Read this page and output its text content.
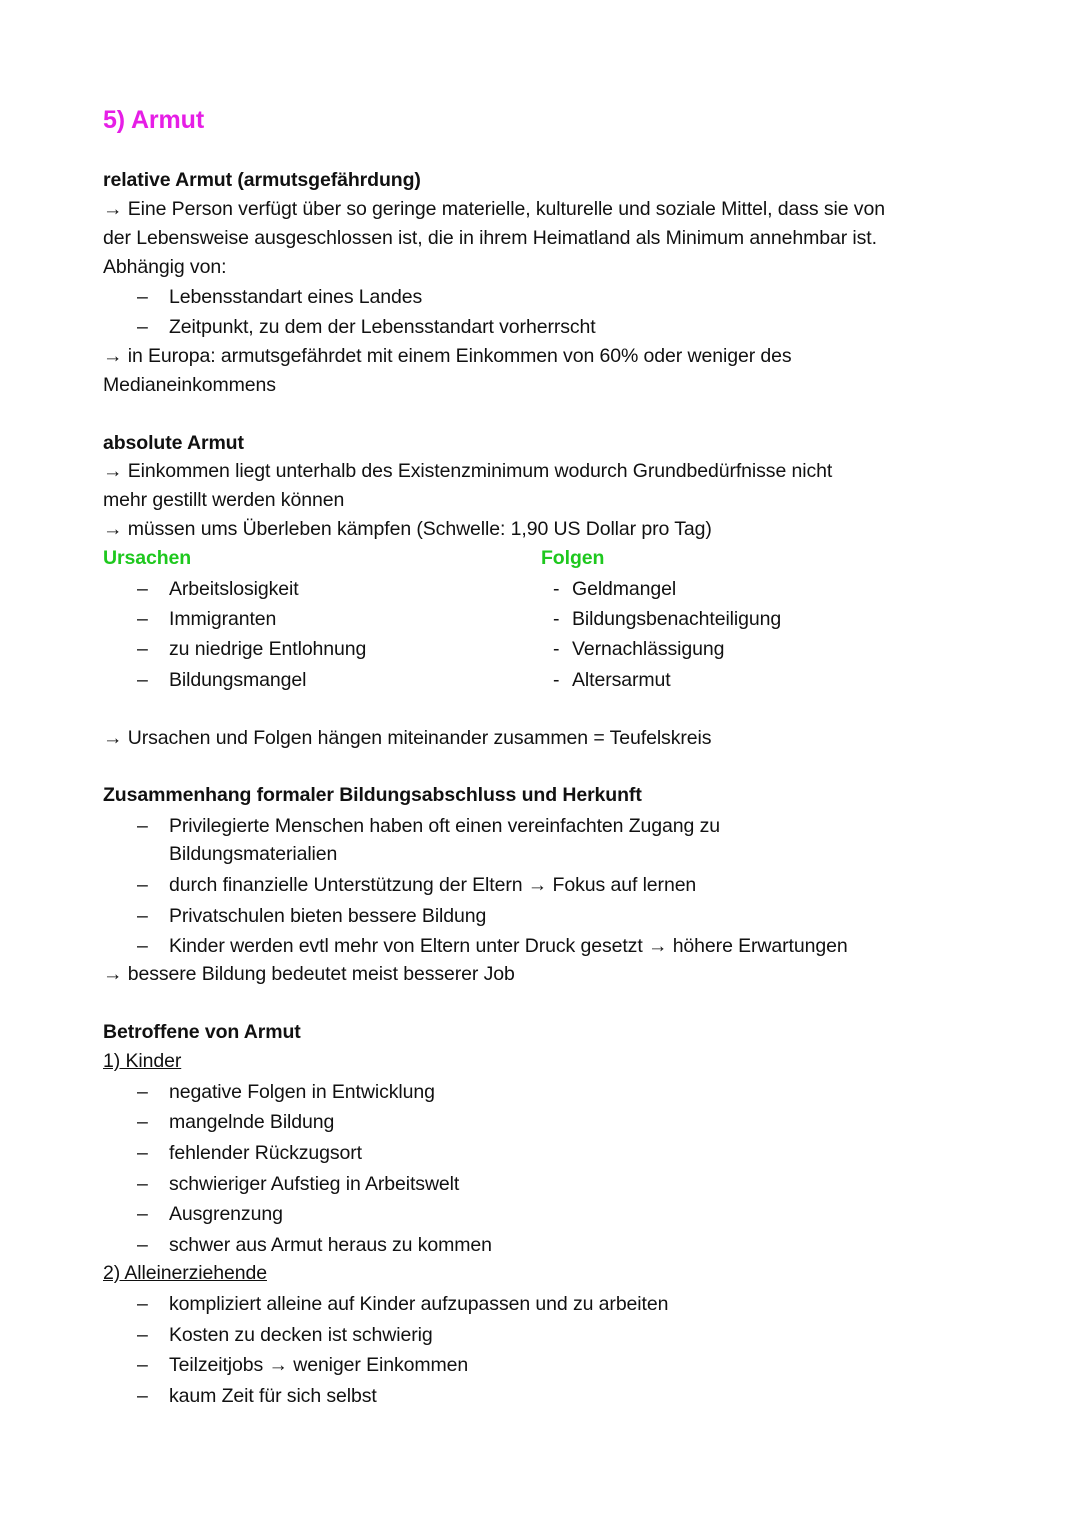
5) Armut
relative Armut (armutsgefährdung)
→ Eine Person verfügt über so geringe materielle, kulturelle und soziale Mittel, dass sie von
der Lebensweise ausgeschlossen ist, die in ihrem Heimatland als Minimum annehmbar ist.
Abhängig von:
– Lebensstandart eines Landes
– Zeitpunkt, zu dem der Lebensstandart vorherrscht
→ in Europa: armutsgefährdet mit einem Einkommen von 60% oder weniger des
Medianeinkommens
absolute Armut
→ Einkommen liegt unterhalb des Existenzminimum wodurch Grundbedürfnisse nicht
mehr gestillt werden können
→ müssen ums Überleben kämpfen (Schwelle: 1,90 US Dollar pro Tag)
Ursachen	Folgen
– Arbeitslosigkeit
– Immigranten
– zu niedrige Entlohnung
– Bildungsmangel
- Geldmangel
- Bildungsbenachteiligung
- Vernachlässigung
- Altersarmut
→ Ursachen und Folgen hängen miteinander zusammen = Teufelskreis
Zusammenhang formaler Bildungsabschluss und Herkunft
– Privilegierte Menschen haben oft einen vereinfachten Zugang zu
Bildungsmaterialien
– durch finanzielle Unterstützung der Eltern → Fokus auf lernen
– Privatschulen bieten bessere Bildung
– Kinder werden evtl mehr von Eltern unter Druck gesetzt → höhere Erwartungen
→ bessere Bildung bedeutet meist besserer Job
Betroffene von Armut
1) Kinder
– negative Folgen in Entwicklung
– mangelnde Bildung
– fehlender Rückzugsort
– schwieriger Aufstieg in Arbeitswelt
– Ausgrenzung
– schwer aus Armut heraus zu kommen
2) Alleinerziehende
– kompliziert alleine auf Kinder aufzupassen und zu arbeiten
– Kosten zu decken ist schwierig
– Teilzeitjobs → weniger Einkommen
– kaum Zeit für sich selbst
